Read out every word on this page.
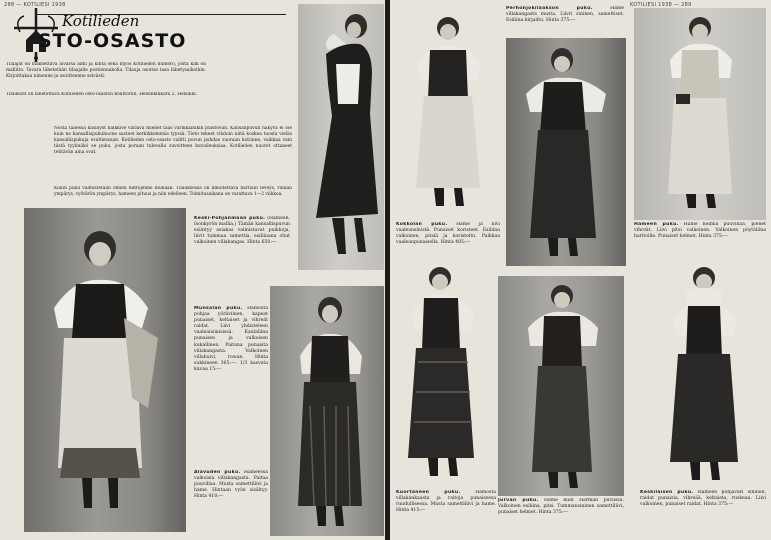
288 — KOTILIESI 1938
Kotilieden
STO-OSASTO
Tilaajat on maksettava lavarsa aimi ja kinta sekä myös Kotilieden numero, josta kilk on mallitto. Tavara lähetetään tilaajalle postiennakolla. Tilauja osoitse tasa lähetysaikoihin. Kirjoittakaa nimenne ja osoitteenne selvästi.
Tilaukset on lähetettävä Kotilieden osto-osaston konttoriin. Helsinkinkatu 2, Helsinki.
Nosta tallessa käsinyst halkkive varaiva miehet taas värikkäinikin puistoviin. Kansanpuvun näkyvä ei ole kuin ne kansallispukuhuone sasteet kerkikkemmäs tyyssä. Tieto tekeet vihdoin niitä koskea tuosta vieläs kansallispukuja ovaltiessaan. Kotilieden osto-osasto valitti puvun puhdas suoraan kotiinne, vaikkaa vain tästä tyylinäkö se puku, josta poraan tulevalla suvoitteen kuvaileuksiaa. Kotilieden nuoret ottaneet tehtävän aina ovat.
Kukin puku valmistetaan omien mittojenne mukaan. Tilauksessa on ilmoitettava hartiain leveys, rinnan ympärys, vyötärön ympärys, hameen pituus ja niin edelleen. Toimitusaikana on varattava 1—2 viikkoa.
Keski-Pohjanmaan puku. (Hämeen, Isonkyrön mallia.) Tämän kansallispuvun esiintyy asiakas valmistavat puikkoja, liivit tummaa samettia, esiliinana ohut valkoinen villakangas. Hinta 650:—
Munsalan puku. Hamosta pohjaa yöriiviinen, kapeat punaiset, keltaiset ja vihreät raidat. Liivi yhdisteleen vaaleansinisissä. Kaulaliina punaisen ja valkoisen kukallinen. Paitana punaista villakangasta. Valkoinen villahuivi, rowan. Hinta sukkineen 365:—. 1/3 kasvata kuvaa 15:—
Alavuden puku. Hameessa valkoisia villakangasta. Paitaa puuvillaa. Musta samettiliivi ja hame. Hintaan vyön sisältyy. Hinta 410:—
KOTILIESI 1938 — 289
Kokkolan puku. Hame ja liivi vaaleansinistä. Punaiset koristeet. Esiliina valkoinen, pitsiä ja koristeltu. Paikkaa vaaleanpunaisella. Hinta 405:—
Perhonjokilaakson puku.	Hame villakangasta musta. Liivit sininen, samettiset. Esiliina kirjailtu. Hinta 375:—
Hämeen puku. Hame helmiä puuvillaa, pienet vihreät. Liivi pitsi valkoinen. Valkoinen pöytäliina hartioille. Punaiset helmet. Hinta 375:—
Kuortaneen puku.	Hamosta villakankaasta ja raitoja punaisessa ruudullisessa. Musta samettiliivi ja hame. Hinta 415:—
Jurvan puku. Hame kuin Härmän puvussa. Valkoinen esiliina, pitsi. Tummansininen samettiliivi, punaiset helmet. Hinta 375:—
Keskiläisen puku. Hameen pohjaväri sininen, raidat punaisia, vihreää, keltaista, ruskeaa. Liivi valkoinen, punaiset raidat. Hinta 375:—
